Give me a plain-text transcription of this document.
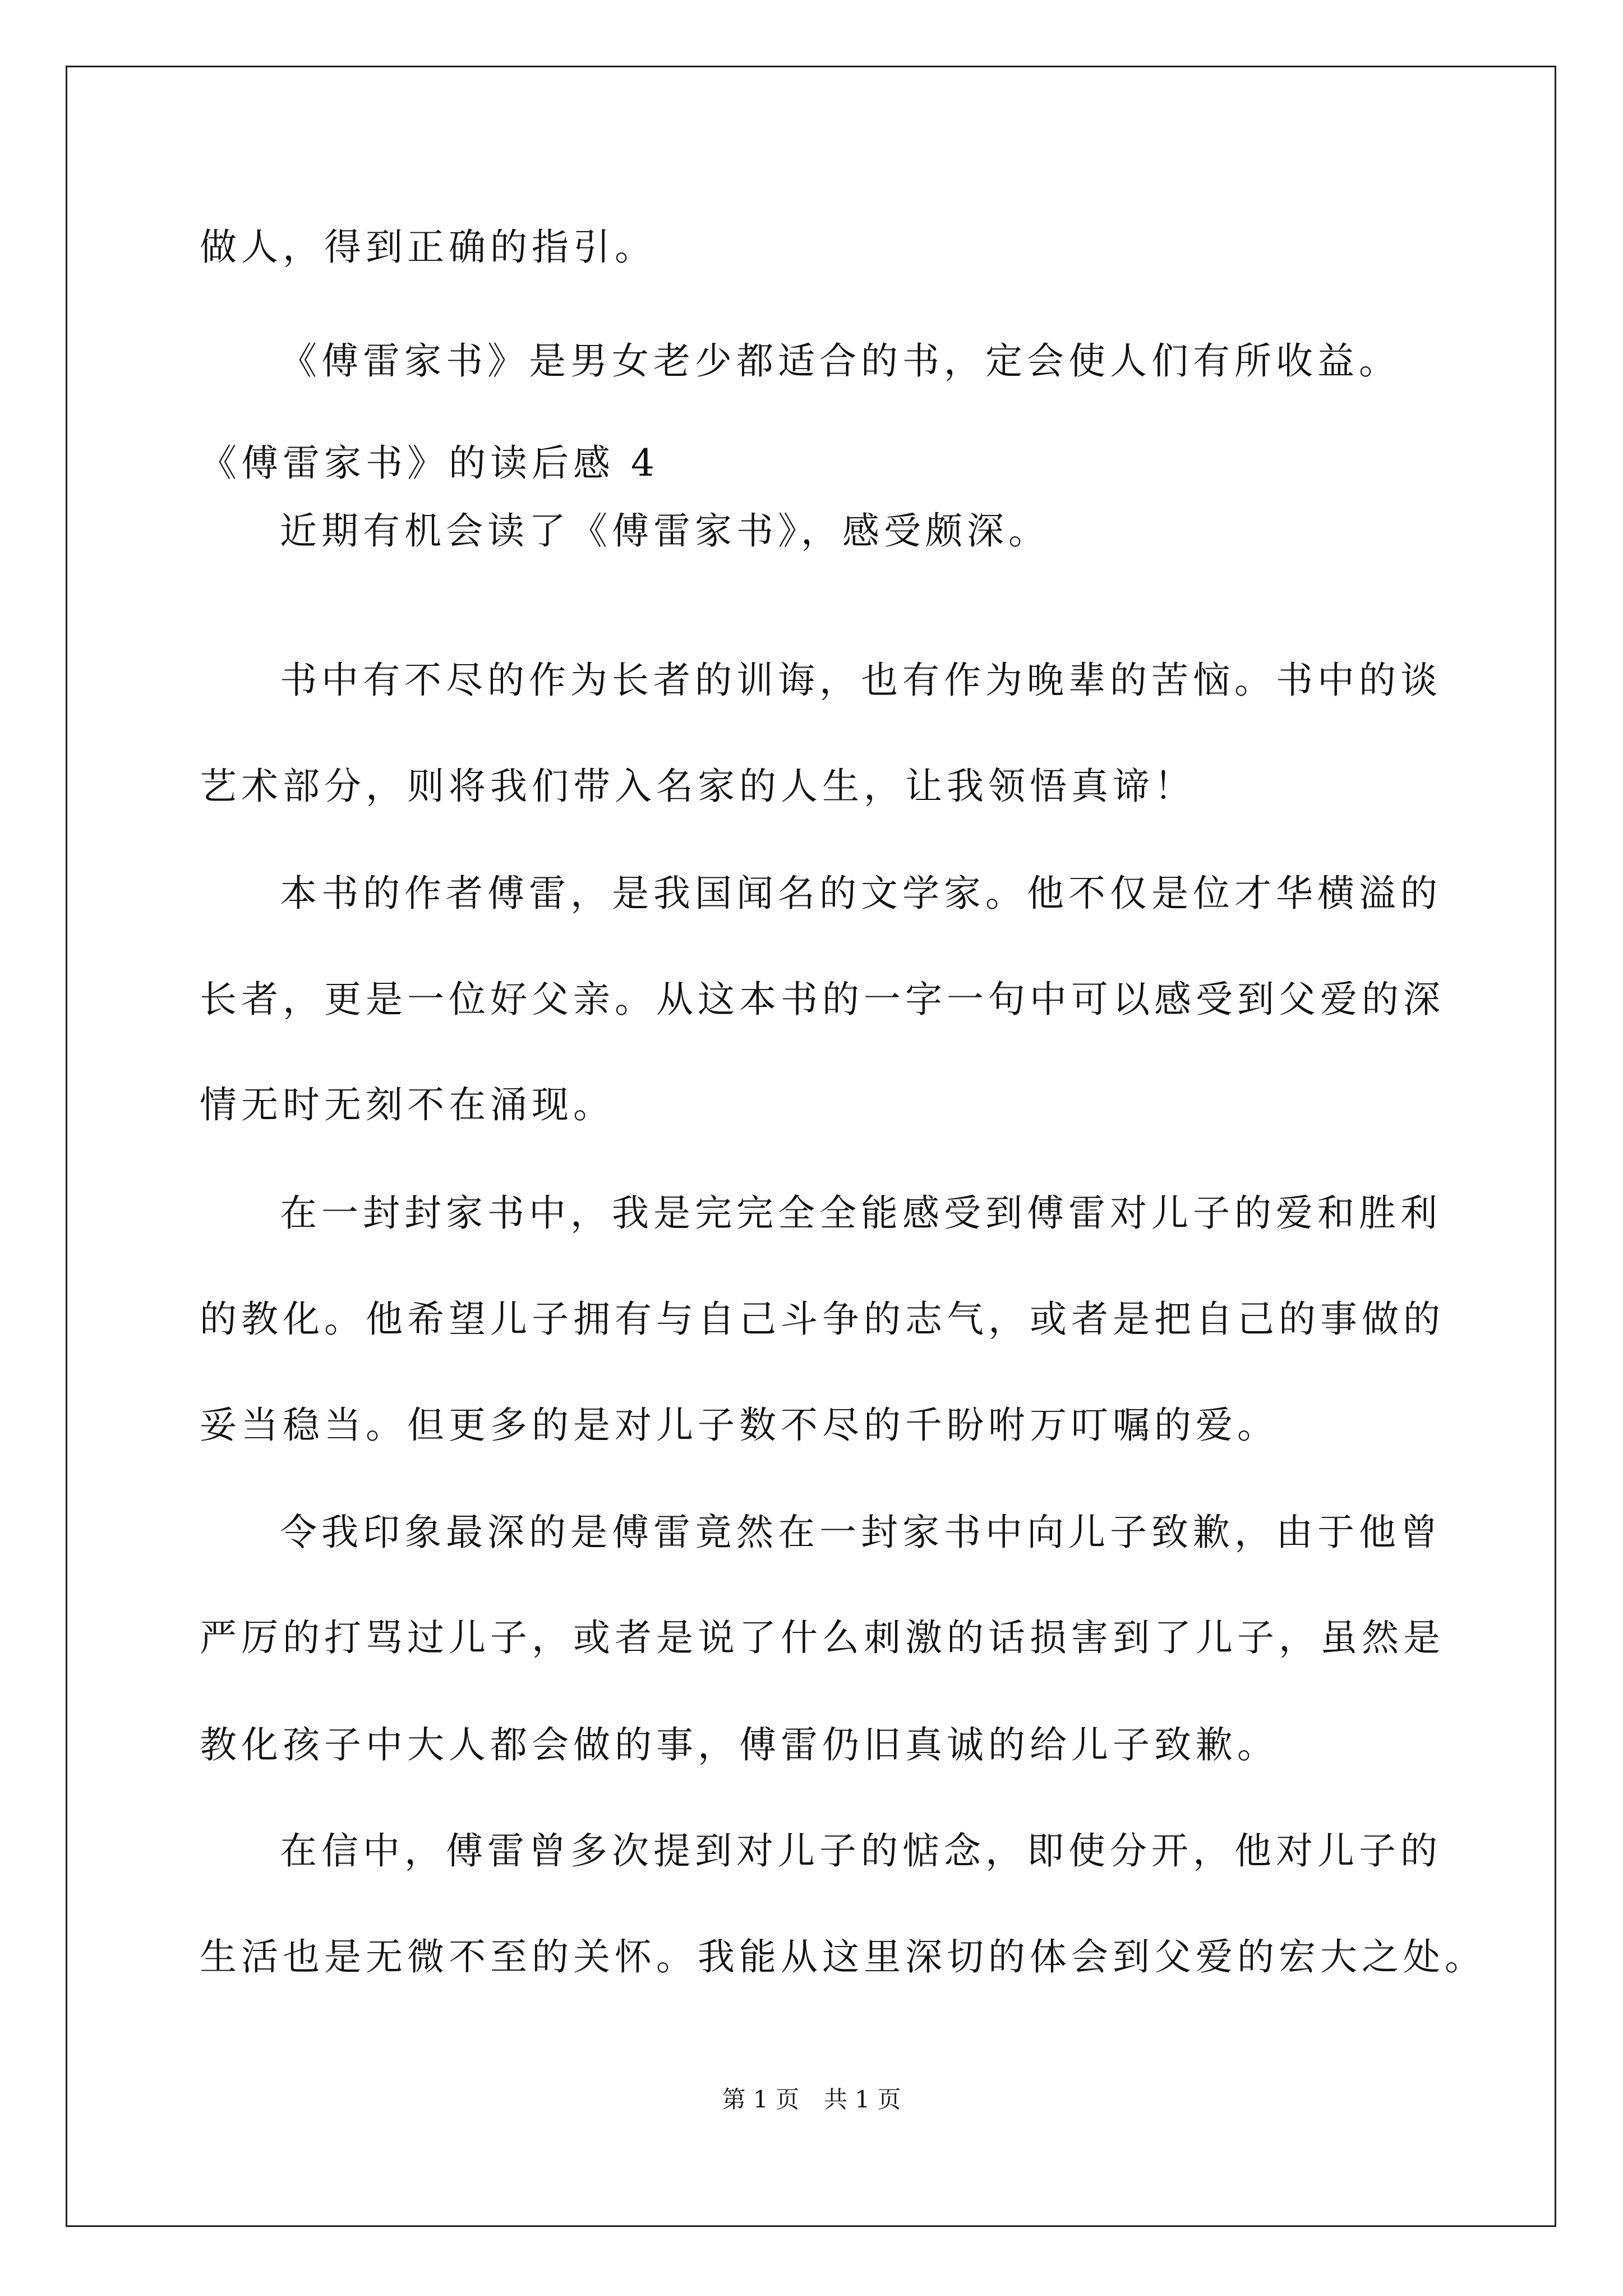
做人，得到正确的指引。
《傅雷家书》是男女老少都适合的书，定会使人们有所收益。
《傅雷家书》的读后感 4
近期有机会读了《傅雷家书》，感受颇深。
书中有不尽的作为长者的训诲，也有作为晚辈的苦恼。书中的谈
艺术部分，则将我们带入名家的人生，让我领悟真谛！
本书的作者傅雷，是我国闻名的文学家。他不仅是位才华横溢的
长者，更是一位好父亲。从这本书的一字一句中可以感受到父爱的深
情无时无刻不在涌现。
在一封封家书中，我是完完全全能感受到傅雷对儿子的爱和胜利
的教化。他希望儿子拥有与自己斗争的志气，或者是把自己的事做的
妥当稳当。但更多的是对儿子数不尽的千盼咐万叮嘱的爱。
令我印象最深的是傅雷竟然在一封家书中向儿子致歉，由于他曾
严厉的打骂过儿子，或者是说了什么刺激的话损害到了儿子，虽然是
教化孩子中大人都会做的事，傅雷仍旧真诚的给儿子致歉。
在信中，傅雷曾多次提到对儿子的惦念，即使分开，他对儿子的
生活也是无微不至的关怀。我能从这里深切的体会到父爱的宏大之处。
第 1 页 共 1 页
